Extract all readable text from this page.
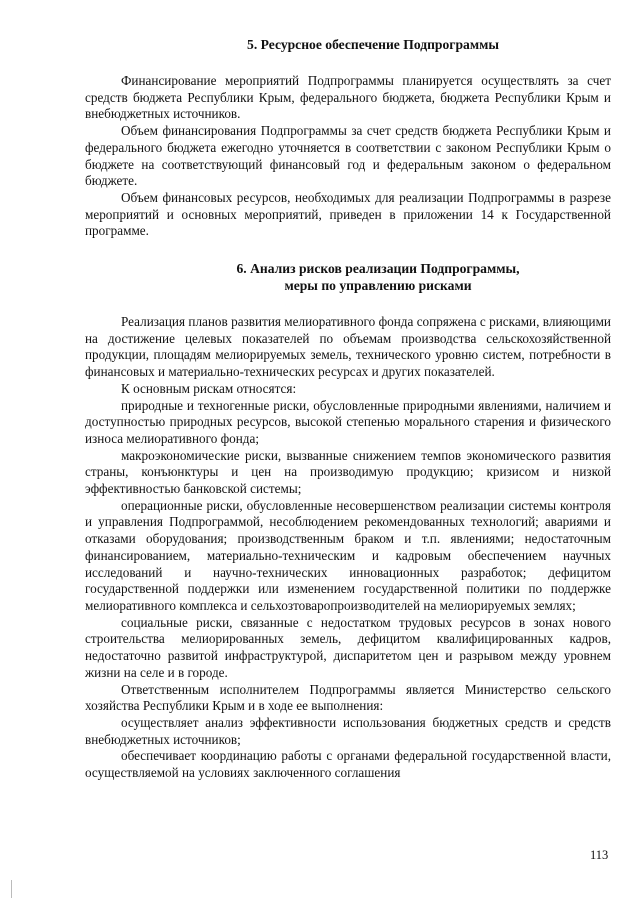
5. Ресурсное обеспечение Подпрограммы

Финансирование мероприятий Подпрограммы планируется осуществлять за счет средств бюджета Республики Крым, федерального бюджета, бюджета Республики Крым и внебюджетных источников.

Объем финансирования Подпрограммы за счет средств бюджета Республики Крым и федерального бюджета ежегодно уточняется в соответствии с законом Республики Крым о бюджете на соответствующий финансовый год и федеральным законом о федеральном бюджете.

Объем финансовых ресурсов, необходимых для реализации Подпрограммы в разрезе мероприятий и основных мероприятий, приведен в приложении 14 к Государственной программе.

6. Анализ рисков реализации Подпрограммы,
меры по управлению рисками

Реализация планов развития мелиоративного фонда сопряжена с рисками, влияющими на достижение целевых показателей по объемам производства сельскохозяйственной продукции, площадям мелиорируемых земель, технического уровню систем, потребности в финансовых и материально-технических ресурсах и других показателей.

К основным рискам относятся:

природные и техногенные риски, обусловленные природными явлениями, наличием и доступностью природных ресурсов, высокой степенью морального старения и физического износа мелиоративного фонда;

макроэкономические риски, вызванные снижением темпов экономического развития страны, конъюнктуры и цен на производимую продукцию; кризисом и низкой эффективностью банковской системы;

операционные риски, обусловленные несовершенством реализации системы контроля и управления Подпрограммой, несоблюдением рекомендованных технологий; авариями и отказами оборудования; производственным браком и т.п. явлениями; недостаточным финансированием, материально-техническим и кадровым обеспечением научных исследований и научно-технических инновационных разработок; дефицитом государственной поддержки или изменением государственной политики по поддержке мелиоративного комплекса и сельхозтоваропроизводителей на мелиорируемых землях;

социальные риски, связанные с недостатком трудовых ресурсов в зонах нового строительства мелиорированных земель, дефицитом квалифицированных кадров, недостаточно развитой инфраструктурой, диспаритетом цен и разрывом между уровнем жизни на селе и в городе.

Ответственным исполнителем Подпрограммы является Министерство сельского хозяйства Республики Крым и в ходе ее выполнения:

осуществляет анализ эффективности использования бюджетных средств и средств внебюджетных источников;

обеспечивает координацию работы с органами федеральной государственной власти, осуществляемой на условиях заключенного соглашения

113
